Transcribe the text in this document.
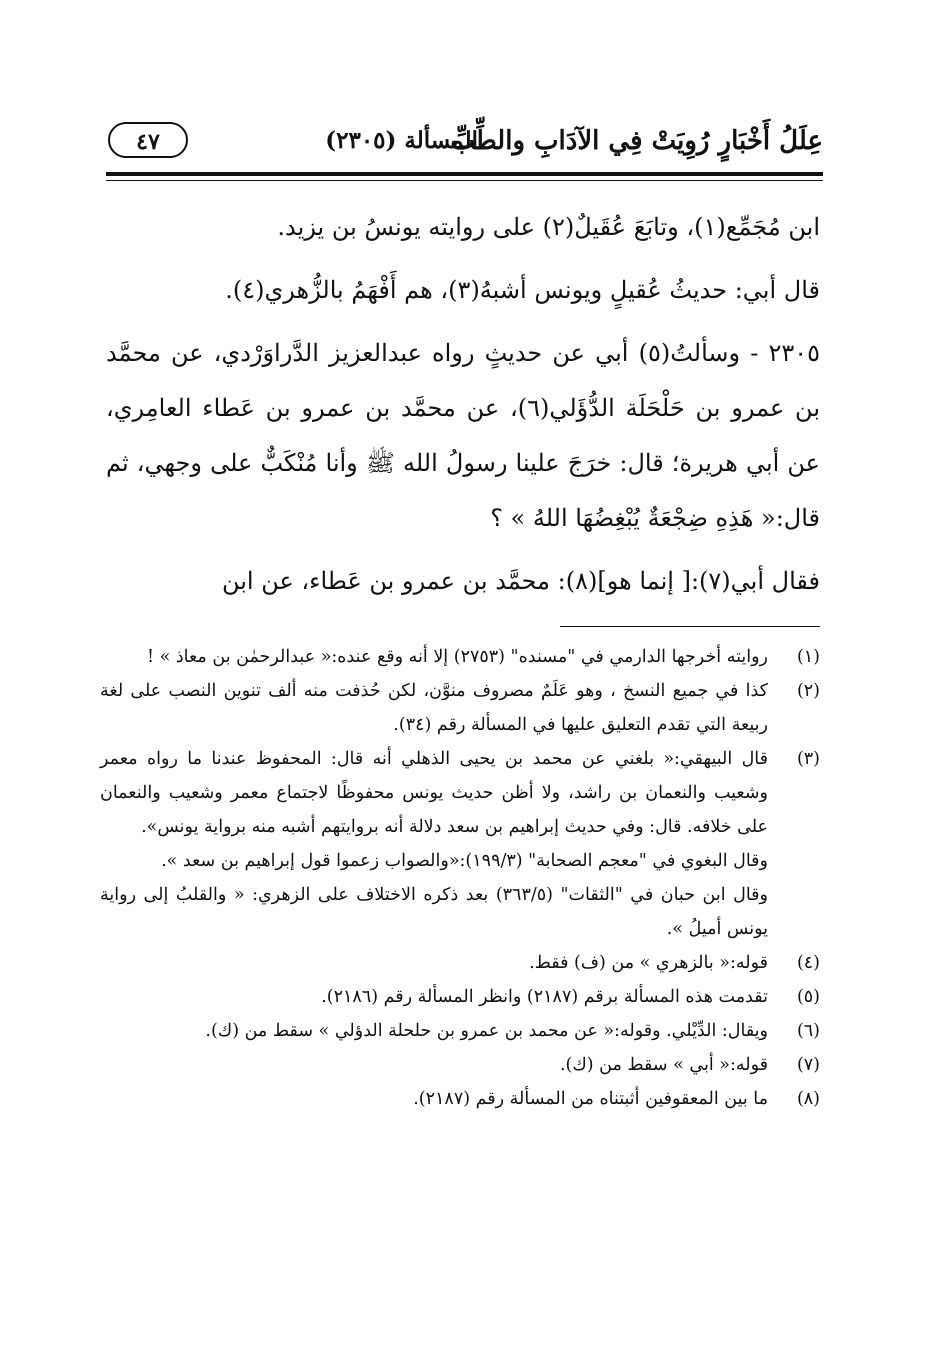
عِلَلُ أَخْبَارٍ رُوِيَتْ فِي الآدَابِ والطِّبِّ
المسألة (٢٣٠٥)
٤٧

ابن مُجَمِّع(١)، وتابَعَ عُقَيلٌ(٢) على روايته يونسُ بن يزيد.

قال أبي: حديثُ عُقيلٍ ويونس أشبهُ(٣)، هم أَفْهَمُ بالزُّهري(٤).

٢٣٠٥ - وسألتُ(٥) أبي عن حديثٍ رواه عبدالعزيز الدَّراوَرْدي، عن محمَّد بن عمرو بن حَلْحَلَة الدُّؤَلي(٦)، عن محمَّد بن عمرو بن عَطاء العامِري، عن أبي هريرة؛ قال: خرَجَ علينا رسولُ الله ﷺ وأنا مُنْكَبٌّ على وجهي، ثم قال:« هَذِهِ ضِجْعَةٌ يُبْغِضُهَا اللهُ » ؟

فقال أبي(٧):[ إنما هو](٨): محمَّد بن عمرو بن عَطاء، عن ابن

(١)
روايته أخرجها الدارمي في "مسنده" (٢٧٥٣) إلا أنه وقع عنده:« عبدالرحمٰن بن معاذ » !
(٢)
كذا في جميع النسخ ، وهو عَلَمٌ مصروف منوَّن، لكن حُذفت منه ألف تنوين النصب على لغة ربيعة التي تقدم التعليق عليها في المسألة رقم (٣٤).
(٣)
قال البيهقي:« بلغني عن محمد بن يحيى الذهلي أنه قال: المحفوظ عندنا ما رواه معمر وشعيب والنعمان بن راشد، ولا أظن حديث يونس محفوظًا لاجتماع معمر وشعيب والنعمان على خلافه. قال: وفي حديث إبراهيم بن سعد دلالة أنه بروايتهم أشبه منه برواية يونس».
وقال البغوي في "معجم الصحابة" (١٩٩/٣):«والصواب زعموا قول إبراهيم بن سعد ».
وقال ابن حبان في "الثقات" (٣٦٣/٥) بعد ذكره الاختلاف على الزهري: « والقلبُ إلى رواية يونس أميلُ ».
(٤)
قوله:« بالزهري » من (ف) فقط.
(٥)
تقدمت هذه المسألة برقم (٢١٨٧) وانظر المسألة رقم (٢١٨٦).
(٦)
ويقال: الدِّيْلي. وقوله:« عن محمد بن عمرو بن حلحلة الدؤلي » سقط من (ك).
(٧)
قوله:« أبي » سقط من (ك).
(٨)
ما بين المعقوفين أثبتناه من المسألة رقم (٢١٨٧).
